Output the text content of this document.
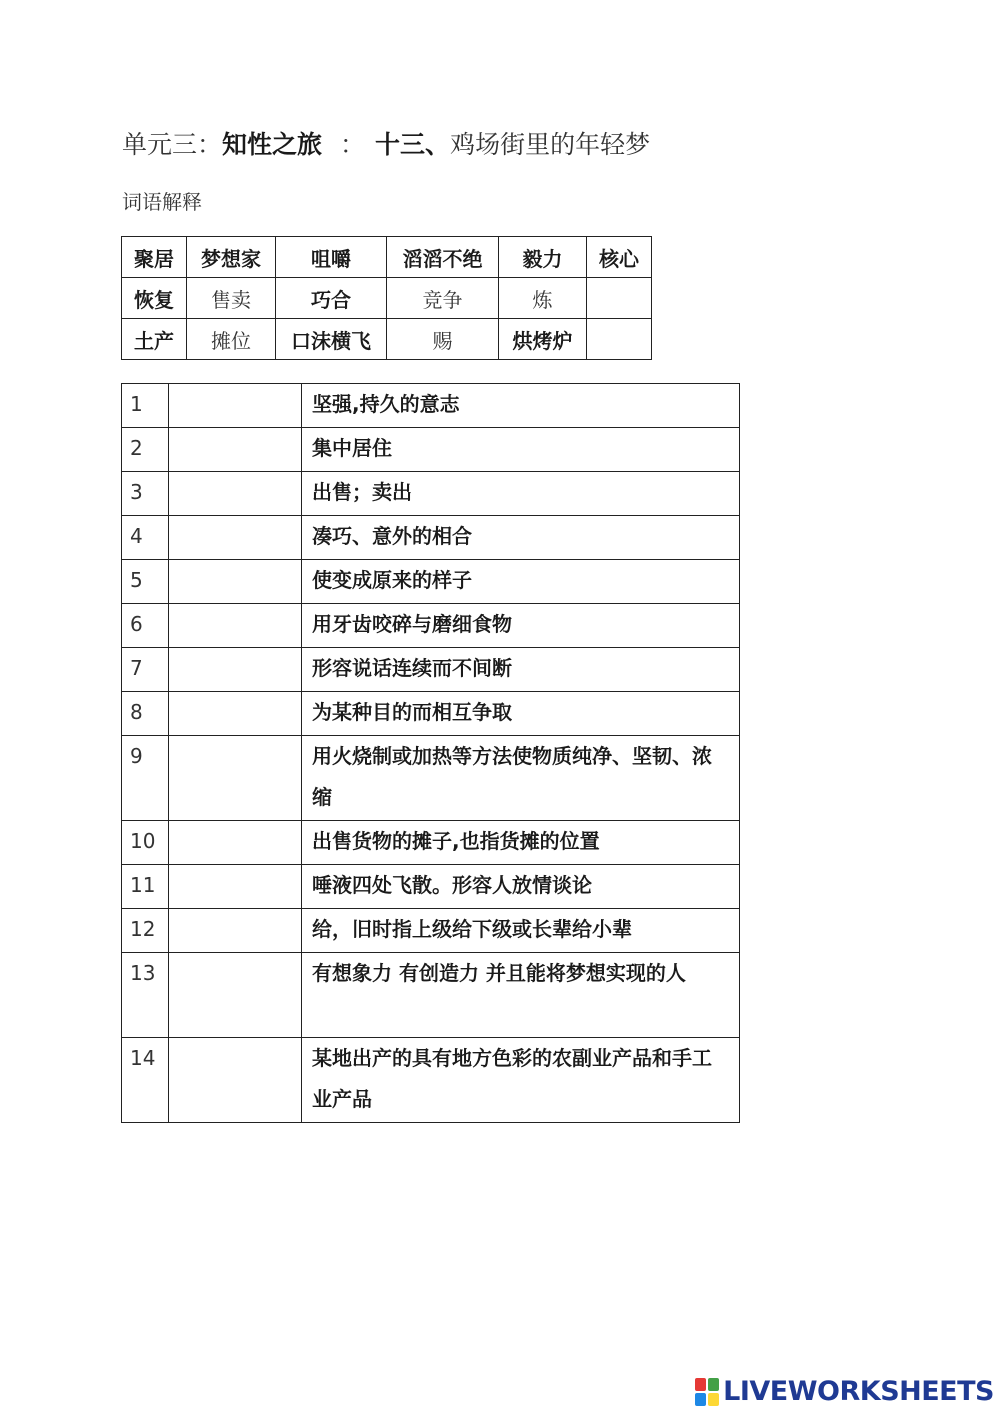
单元三：知性之旅 ： 十三、鸡场街里的年轻梦
词语解释
聚居	梦想家	咀嚼	滔滔不绝	毅力	核心
恢复	售卖	巧合	竞争	炼	
土产	摊位	口沫横飞	赐	烘烤炉	
1		坚强,持久的意志
2		集中居住
3		出售；卖出
4		凑巧、意外的相合
5		使变成原来的样子
6		用牙齿咬碎与磨细食物
7		形容说话连续而不间断
8		为某种目的而相互争取
9		用火烧制或加热等方法使物质纯净、坚韧、浓缩
10		出售货物的摊子,也指货摊的位置
11		唾液四处飞散。形容人放情谈论
12		给，旧时指上级给下级或长辈给小辈
13		有想象力 有创造力 并且能将梦想实现的人
14		某地出产的具有地方色彩的农副业产品和手工业产品
LIVEWORKSHEETS
